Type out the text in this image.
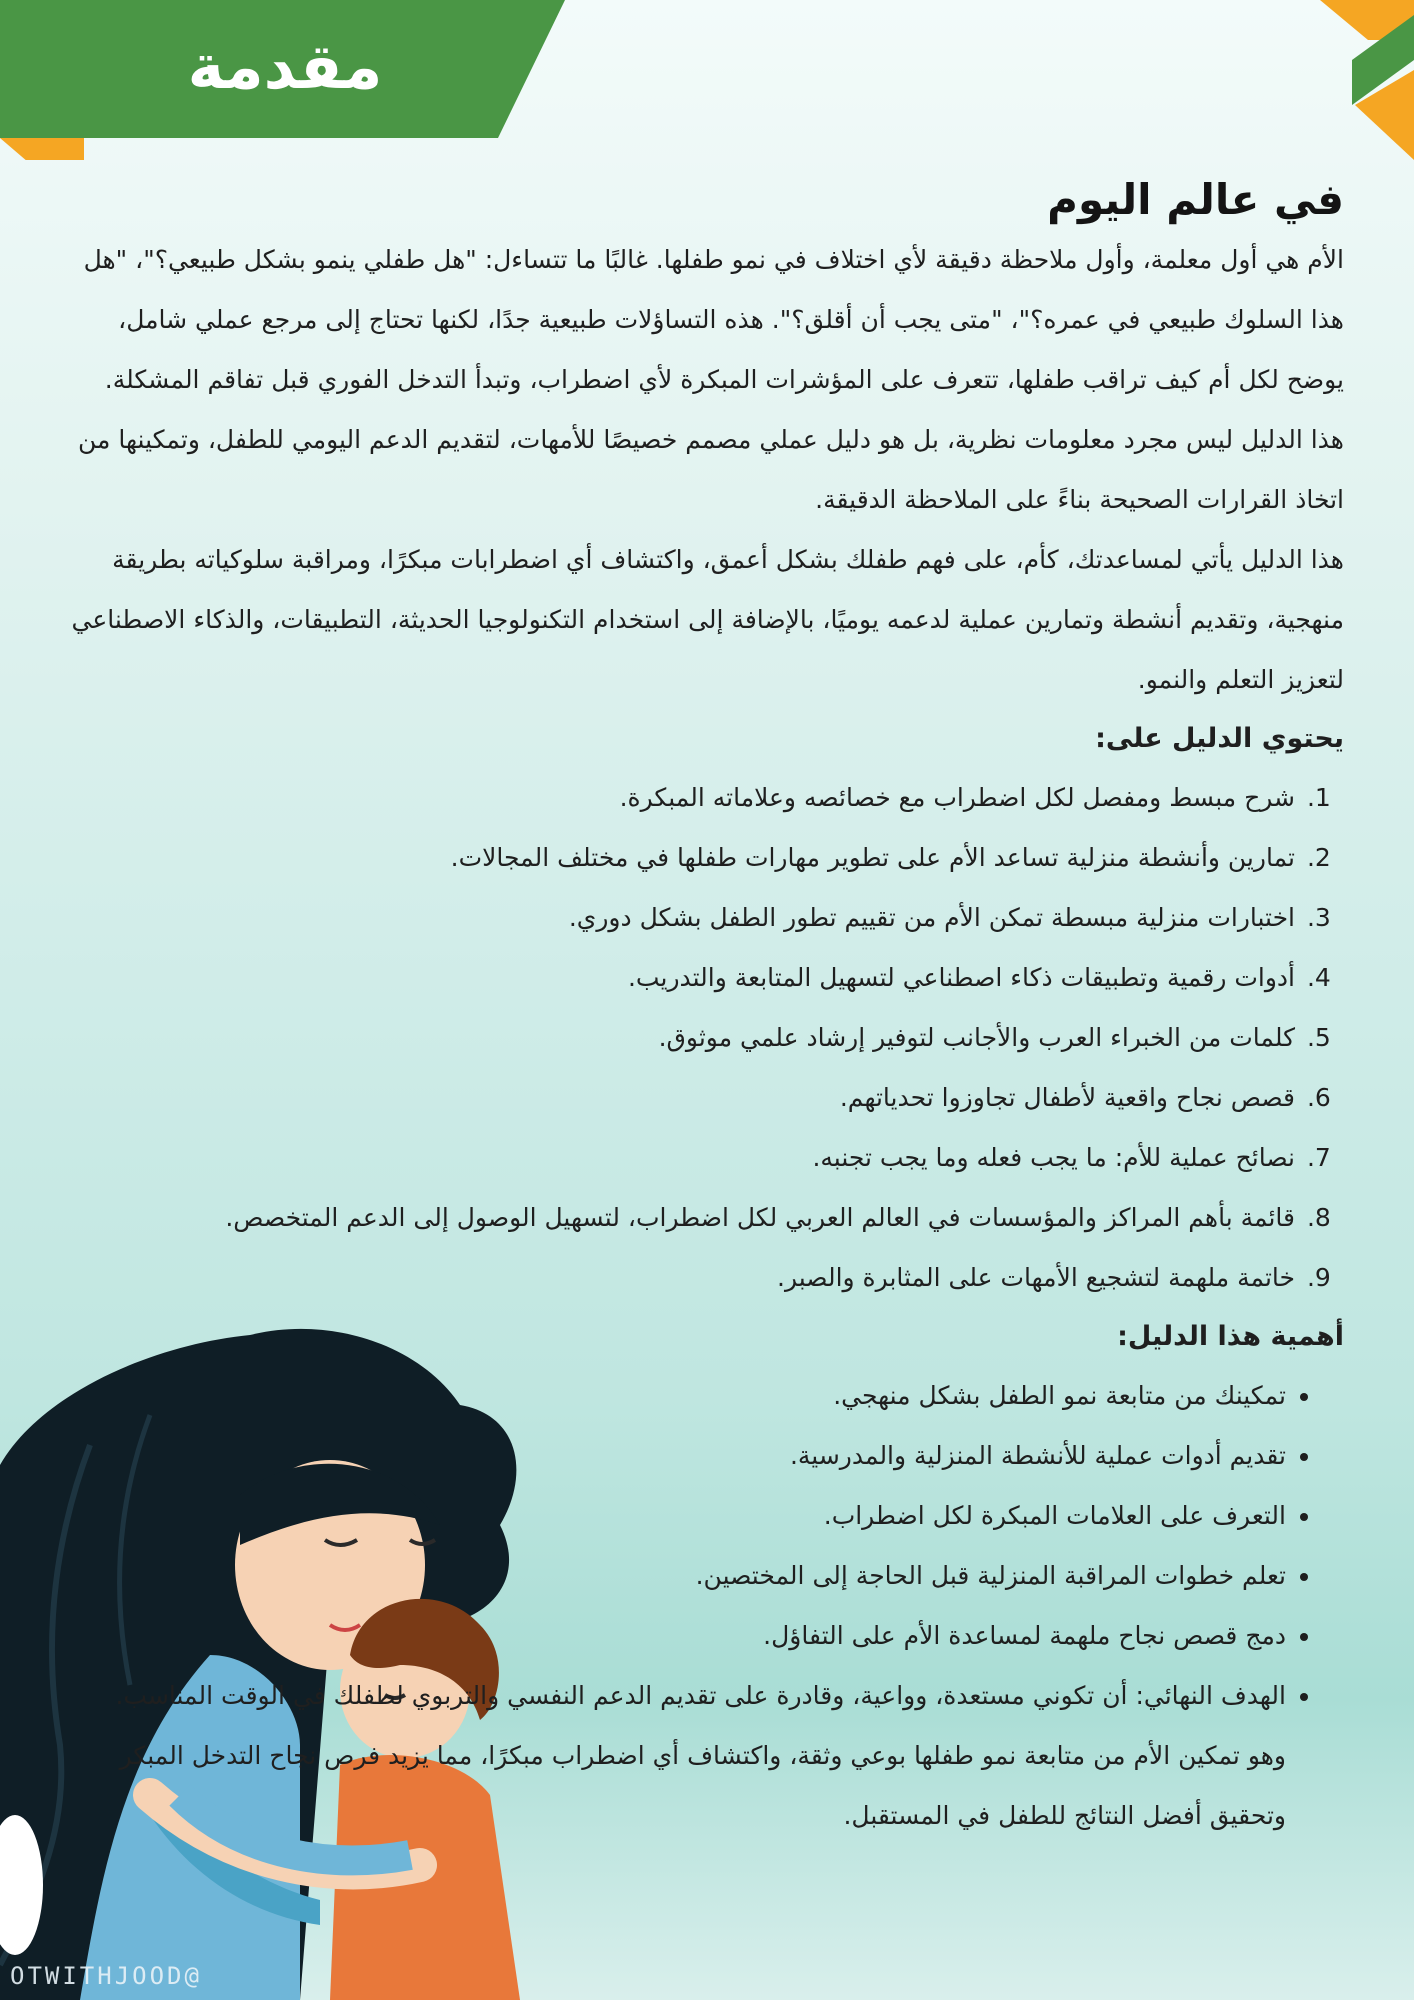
مقدمة
@OTWITHJOOD
في عالم اليوم

الأم هي أول معلمة، وأول ملاحظة دقيقة لأي اختلاف في نمو طفلها. غالبًا ما تتساءل: "هل طفلي ينمو بشكل طبيعي؟"، "هل هذا السلوك طبيعي في عمره؟"، "متى يجب أن أقلق؟". هذه التساؤلات طبيعية جدًا، لكنها تحتاج إلى مرجع عملي شامل، يوضح لكل أم كيف تراقب طفلها، تتعرف على المؤشرات المبكرة لأي اضطراب، وتبدأ التدخل الفوري قبل تفاقم المشكلة.

هذا الدليل ليس مجرد معلومات نظرية، بل هو دليل عملي مصمم خصيصًا للأمهات، لتقديم الدعم اليومي للطفل، وتمكينها من اتخاذ القرارات الصحيحة بناءً على الملاحظة الدقيقة.

هذا الدليل يأتي لمساعدتك، كأم، على فهم طفلك بشكل أعمق، واكتشاف أي اضطرابات مبكرًا، ومراقبة سلوكياته بطريقة منهجية، وتقديم أنشطة وتمارين عملية لدعمه يوميًا، بالإضافة إلى استخدام التكنولوجيا الحديثة، التطبيقات، والذكاء الاصطناعي لتعزيز التعلم والنمو.

يحتوي الدليل على:
1. شرح مبسط ومفصل لكل اضطراب مع خصائصه وعلاماته المبكرة.
2. تمارين وأنشطة منزلية تساعد الأم على تطوير مهارات طفلها في مختلف المجالات.
3. اختبارات منزلية مبسطة تمكن الأم من تقييم تطور الطفل بشكل دوري.
4. أدوات رقمية وتطبيقات ذكاء اصطناعي لتسهيل المتابعة والتدريب.
5. كلمات من الخبراء العرب والأجانب لتوفير إرشاد علمي موثوق.
6. قصص نجاح واقعية لأطفال تجاوزوا تحدياتهم.
7. نصائح عملية للأم: ما يجب فعله وما يجب تجنبه.
8. قائمة بأهم المراكز والمؤسسات في العالم العربي لكل اضطراب، لتسهيل الوصول إلى الدعم المتخصص.
9. خاتمة ملهمة لتشجيع الأمهات على المثابرة والصبر.
أهمية هذا الدليل:
• تمكينك من متابعة نمو الطفل بشكل منهجي.
• تقديم أدوات عملية للأنشطة المنزلية والمدرسية.
• التعرف على العلامات المبكرة لكل اضطراب.
• تعلم خطوات المراقبة المنزلية قبل الحاجة إلى المختصين.
• دمج قصص نجاح ملهمة لمساعدة الأم على التفاؤل.
• الهدف النهائي: أن تكوني مستعدة، وواعية، وقادرة على تقديم الدعم النفسي والتربوي لطفلك في الوقت المناسب. وهو تمكين الأم من متابعة نمو طفلها بوعي وثقة، واكتشاف أي اضطراب مبكرًا، مما يزيد فرص نجاح التدخل المبكر وتحقيق أفضل النتائج للطفل في المستقبل.
